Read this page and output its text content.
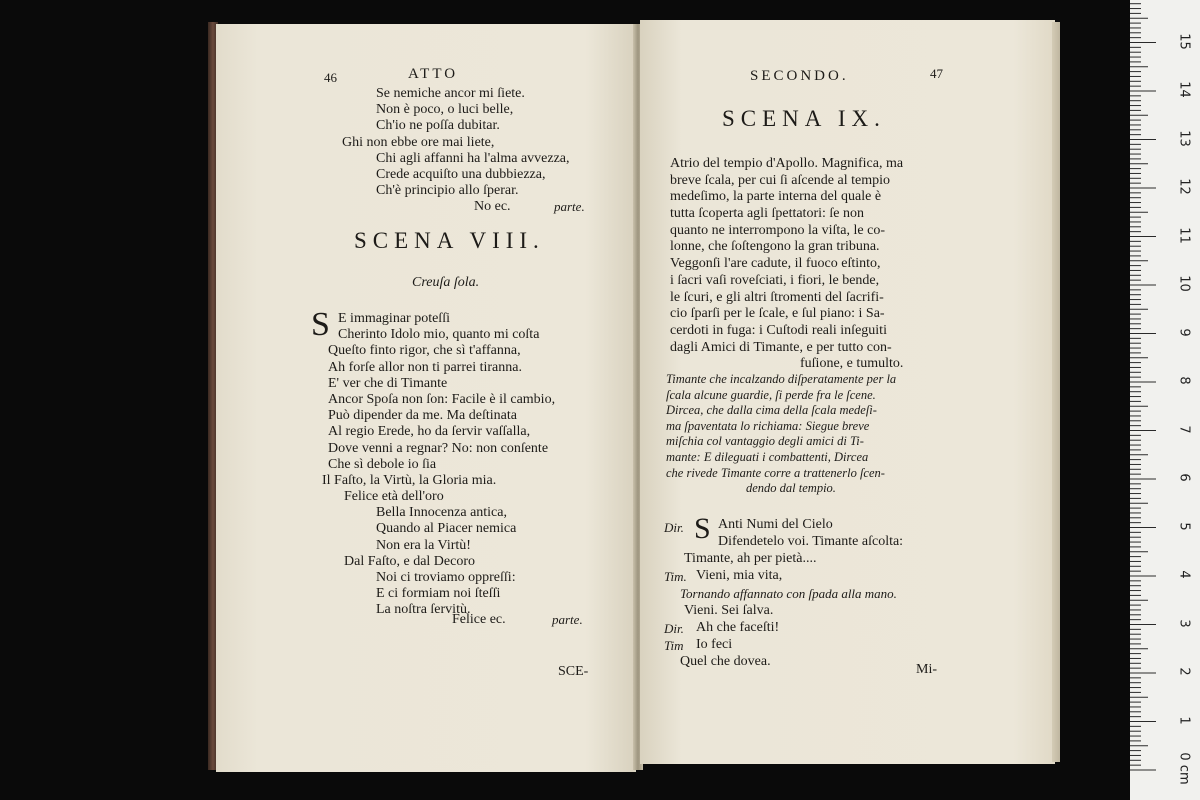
46	ATTO
Se nemiche ancor mi ſiete.
Non è poco, o luci belle,
Ch'io ne poſſa dubitar.
Ghi non ebbe ore mai liete,
Chi agli affanni ha l'alma avvezza,
Crede acquiſto una dubbiezza,
Ch'è principio allo ſperar.
No ec.	parte.
SCENA VIII.
Creuſa ſola.
S E immaginar poteſſi
Cherinto Idolo mio, quanto mi coſta
Queſto finto rigor, che sì t'affanna,
Ah forſe allor non ti parrei tiranna.
E' ver che di Timante
Ancor Spoſa non ſon: Facile è il cambio,
Può dipender da me. Ma deſtinata
Al regio Erede, ho da ſervir vaſſalla,
Dove venni a regnar? No: non conſente
Che sì debole io ſia
Il Faſto, la Virtù, la Gloria mia.
Felice età dell'oro
Bella Innocenza antica,
Quando al Piacer nemica
Non era la Virtù!
Dal Faſto, e dal Decoro
Noi ci troviamo oppreſſi:
E ci formiam noi ſteſſi
La noſtra ſervitù.
Felice ec.	parte.
SCE-
SECONDO.	47
SCENA IX.
Atrio del tempio d'Apollo. Magnifica, ma
breve ſcala, per cui ſi aſcende al tempio
medeſimo, la parte interna del quale è
tutta ſcoperta agli ſpettatori: ſe non
quanto ne interrompono la viſta, le co-
lonne, che ſoſtengono la gran tribuna.
Veggonſi l'are cadute, il fuoco eſtinto,
i ſacri vaſi roveſciati, i fiori, le bende,
le ſcuri, e gli altri ſtromenti del ſacrifi-
cio ſparſi per le ſcale, e ſul piano: i Sa-
cerdoti in fuga: i Cuſtodi reali inſeguiti
dagli Amici di Timante, e per tutto con-
fuſione, e tumulto.
Timante che incalzando diſperatamente per la
ſcala alcune guardie, ſi perde fra le ſcene.
Dircea, che dalla cima della ſcala medeſi-
ma ſpaventata lo richiama: Siegue breve
miſchia col vantaggio degli amici di Ti-
mante: E dileguati i combattenti, Dircea
che rivede Timante corre a trattenerlo ſcen-
dendo dal tempio.
Dir. S Anti Numi del Cielo
Difendetelo voi. Timante aſcolta:
Timante, ah per pietà....
Tim. Vieni, mia vita,
Tornando affannato con ſpada alla mano.
Vieni. Sei ſalva.
Dir. Ah che faceſti!
Tim Io feci
Quel che dovea.
Mi-
15
14
13
12
11
10
9
8
7
6
5
4
3
2
1
0 cm
